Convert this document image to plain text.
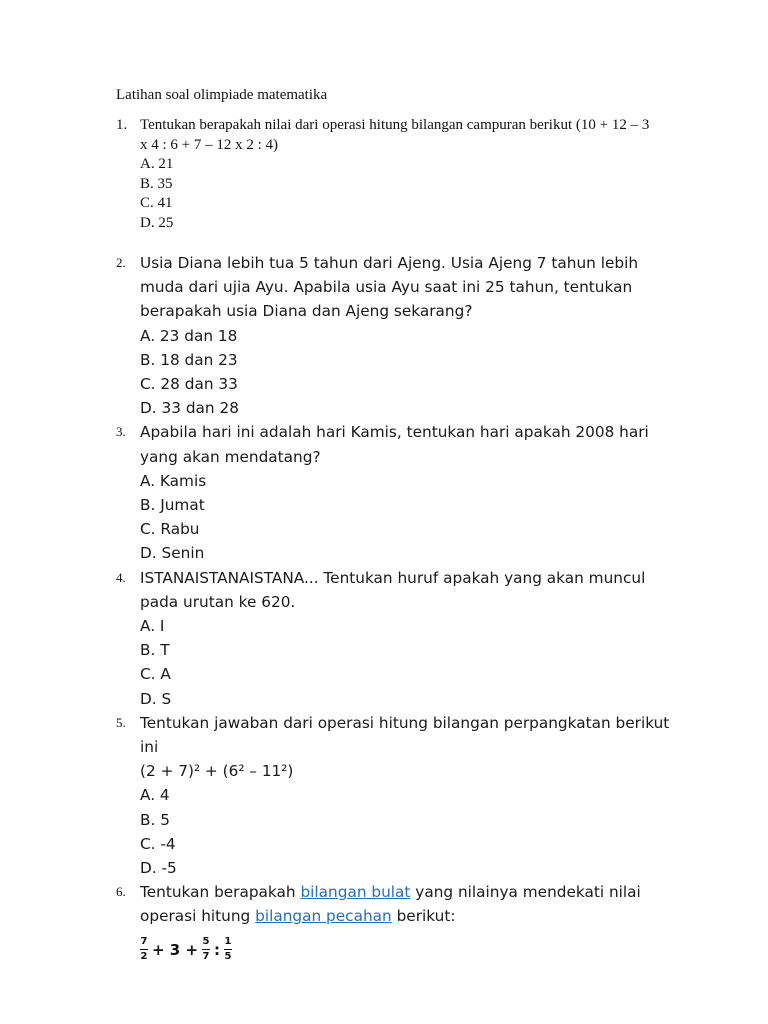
Latihan soal olimpiade matematika
1. Tentukan berapakah nilai dari operasi hitung bilangan campuran berikut (10 + 12 – 3
x 4 : 6 + 7 – 12 x 2 : 4)
A. 21
B. 35
C. 41
D. 25
2. Usia Diana lebih tua 5 tahun dari Ajeng. Usia Ajeng 7 tahun lebih muda dari ujia Ayu. Apabila usia Ayu saat ini 25 tahun, tentukan berapakah usia Diana dan Ajeng sekarang?
A. 23 dan 18
B. 18 dan 23
C. 28 dan 33
D. 33 dan 28
3. Apabila hari ini adalah hari Kamis, tentukan hari apakah 2008 hari yang akan mendatang?
A. Kamis
B. Jumat
C. Rabu
D. Senin
4. ISTANAISTANAISTANA... Tentukan huruf apakah yang akan muncul pada urutan ke 620.
A. I
B. T
C. A
D. S
5. Tentukan jawaban dari operasi hitung bilangan perpangkatan berikut ini
(2 + 7)² + (6² – 11²)
A. 4
B. 5
C. -4
D. -5
6. Tentukan berapakah bilangan bulat yang nilainya mendekati nilai operasi hitung bilangan pecahan berikut:
$\frac{7}{2} + 3 + \frac{5}{7}$ : $\frac{1}{5}$
